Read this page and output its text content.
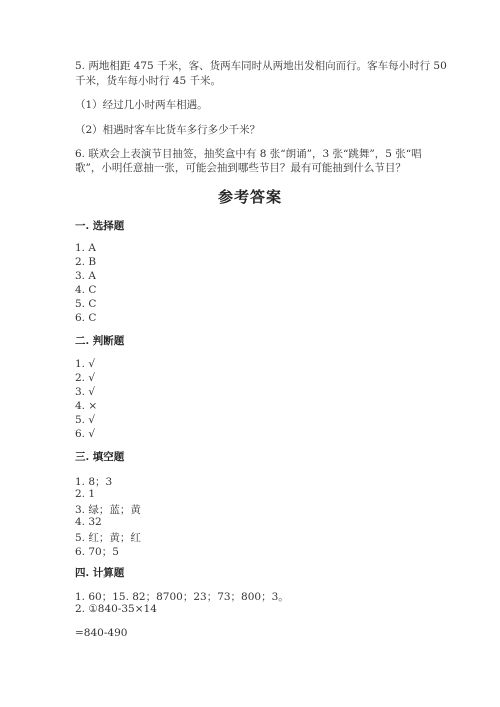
5. 两地相距 475 千米，客、货两车同时从两地出发相向而行。客车每小时行 50
千米，货车每小时行 45 千米。
（1）经过几小时两车相遇。
（2）相遇时客车比货车多行多少千米？
6. 联欢会上表演节目抽签，抽奖盒中有 8 张“朗诵”，3 张“跳舞”，5 张“唱
歌”，小明任意抽一张，可能会抽到哪些节目？最有可能抽到什么节目？
参考答案
一. 选择题
1. A
2. B
3. A
4. C
5. C
6. C
二. 判断题
1. √
2. √
3. √
4. ×
5. √
6. √
三. 填空题
1. 8；3
2. 1
3. 绿；蓝；黄
4. 32
5. 红；黄；红
6. 70；5
四. 计算题
1. 60；15. 82；8700；23；73；800；3。
2. ①840-35×14
=840-490
